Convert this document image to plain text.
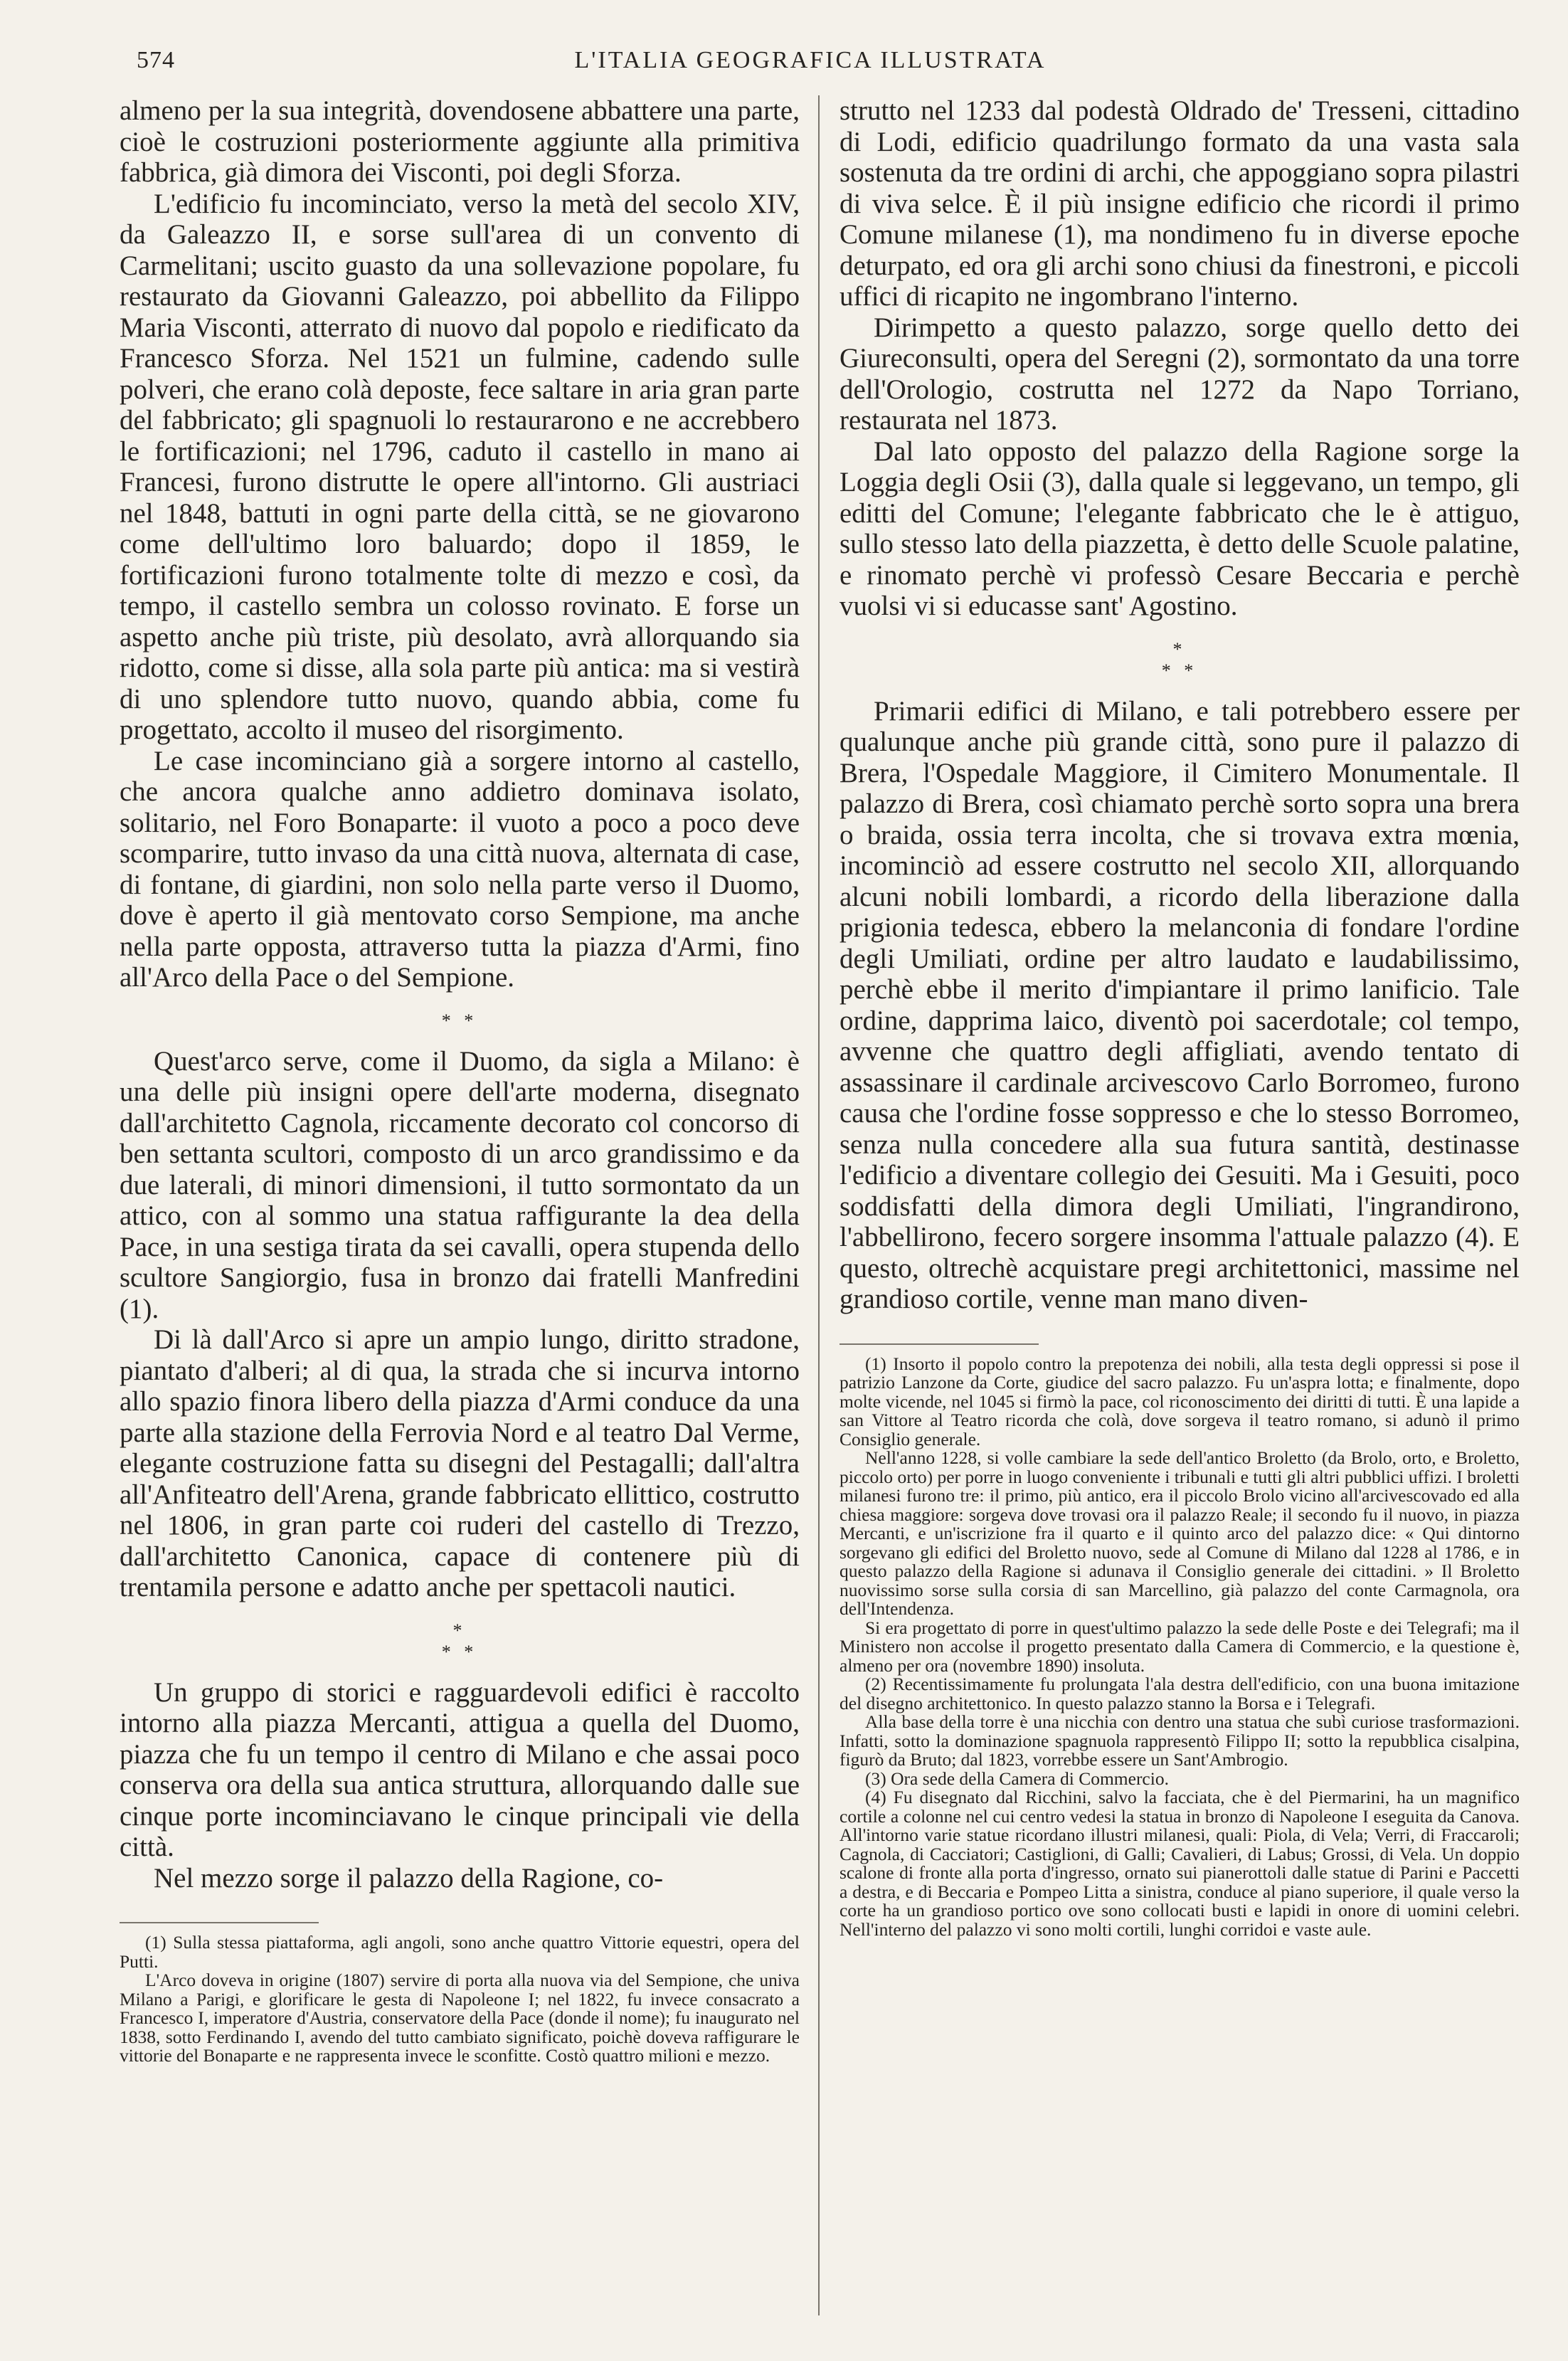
574	L'ITALIA GEOGRAFICA ILLUSTRATA

almeno per la sua integrità, dovendosene abbattere una parte, cioè le costruzioni posteriormente aggiunte alla primitiva fabbrica, già dimora dei Visconti, poi degli Sforza.

L'edificio fu incominciato, verso la metà del secolo XIV, da Galeazzo II, e sorse sull'area di un convento di Carmelitani; uscito guasto da una sollevazione popolare, fu restaurato da Giovanni Galeazzo, poi abbellito da Filippo Maria Visconti, atterrato di nuovo dal popolo e riedificato da Francesco Sforza. Nel 1521 un fulmine, cadendo sulle polveri, che erano colà deposte, fece saltare in aria gran parte del fabbricato; gli spagnuoli lo restaurarono e ne accrebbero le fortificazioni; nel 1796, caduto il castello in mano ai Francesi, furono distrutte le opere all'intorno. Gli austriaci nel 1848, battuti in ogni parte della città, se ne giovarono come dell'ultimo loro baluardo; dopo il 1859, le fortificazioni furono totalmente tolte di mezzo e così, da tempo, il castello sembra un colosso rovinato. E forse un aspetto anche più triste, più desolato, avrà allorquando sia ridotto, come si disse, alla sola parte più antica: ma si vestirà di uno splendore tutto nuovo, quando abbia, come fu progettato, accolto il museo del risorgimento.

Le case incominciano già a sorgere intorno al castello, che ancora qualche anno addietro dominava isolato, solitario, nel Foro Bonaparte: il vuoto a poco a poco deve scomparire, tutto invaso da una città nuova, alternata di case, di fontane, di giardini, non solo nella parte verso il Duomo, dove è aperto il già mentovato corso Sempione, ma anche nella parte opposta, attraverso tutta la piazza d'Armi, fino all'Arco della Pace o del Sempione.

* *

Quest'arco serve, come il Duomo, da sigla a Milano: è una delle più insigni opere dell'arte moderna, disegnato dall'architetto Cagnola, riccamente decorato col concorso di ben settanta scultori, composto di un arco grandissimo e da due laterali, di minori dimensioni, il tutto sormontato da un attico, con al sommo una statua raffigurante la dea della Pace, in una sestiga tirata da sei cavalli, opera stupenda dello scultore Sangiorgio, fusa in bronzo dai fratelli Manfredini (1).

Di là dall'Arco si apre un ampio lungo, diritto stradone, piantato d'alberi; al di qua, la strada che si incurva intorno allo spazio finora libero della piazza d'Armi conduce da una parte alla stazione della Ferrovia Nord e al teatro Dal Verme, elegante costruzione fatta su disegni del Pestagalli; dall'altra all'Anfiteatro dell'Arena, grande fabbricato ellittico, costrutto nel 1806, in gran parte coi ruderi del castello di Trezzo, dall'architetto Canonica, capace di contenere più di trentamila persone e adatto anche per spettacoli nautici.

*
* *

Un gruppo di storici e ragguardevoli edifici è raccolto intorno alla piazza Mercanti, attigua a quella del Duomo, piazza che fu un tempo il centro di Milano e che assai poco conserva ora della sua antica struttura, allorquando dalle sue cinque porte incominciavano le cinque principali vie della città.

Nel mezzo sorge il palazzo della Ragione, co-

(1) Sulla stessa piattaforma, agli angoli, sono anche quattro Vittorie equestri, opera del Putti.

L'Arco doveva in origine (1807) servire di porta alla nuova via del Sempione, che univa Milano a Parigi, e glorificare le gesta di Napoleone I; nel 1822, fu invece consacrato a Francesco I, imperatore d'Austria, conservatore della Pace (donde il nome); fu inaugurato nel 1838, sotto Ferdinando I, avendo del tutto cambiato significato, poichè doveva raffigurare le vittorie del Bonaparte e ne rappresenta invece le sconfitte. Costò quattro milioni e mezzo.

strutto nel 1233 dal podestà Oldrado de' Tresseni, cittadino di Lodi, edificio quadrilungo formato da una vasta sala sostenuta da tre ordini di archi, che appoggiano sopra pilastri di viva selce. È il più insigne edificio che ricordi il primo Comune milanese (1), ma nondimeno fu in diverse epoche deturpato, ed ora gli archi sono chiusi da finestroni, e piccoli uffici di ricapito ne ingombrano l'interno.

Dirimpetto a questo palazzo, sorge quello detto dei Giureconsulti, opera del Seregni (2), sormontato da una torre dell'Orologio, costrutta nel 1272 da Napo Torriano, restaurata nel 1873.

Dal lato opposto del palazzo della Ragione sorge la Loggia degli Osii (3), dalla quale si leggevano, un tempo, gli editti del Comune; l'elegante fabbricato che le è attiguo, sullo stesso lato della piazzetta, è detto delle Scuole palatine, e rinomato perchè vi professò Cesare Beccaria e perchè vuolsi vi si educasse sant' Agostino.

*
* *

Primarii edifici di Milano, e tali potrebbero essere per qualunque anche più grande città, sono pure il palazzo di Brera, l'Ospedale Maggiore, il Cimitero Monumentale. Il palazzo di Brera, così chiamato perchè sorto sopra una brera o braida, ossia terra incolta, che si trovava extra mœnia, incominciò ad essere costrutto nel secolo XII, allorquando alcuni nobili lombardi, a ricordo della liberazione dalla prigionia tedesca, ebbero la melanconia di fondare l'ordine degli Umiliati, ordine per altro laudato e laudabilissimo, perchè ebbe il merito d'impiantare il primo lanificio. Tale ordine, dapprima laico, diventò poi sacerdotale; col tempo, avvenne che quattro degli affigliati, avendo tentato di assassinare il cardinale arcivescovo Carlo Borromeo, furono causa che l'ordine fosse soppresso e che lo stesso Borromeo, senza nulla concedere alla sua futura santità, destinasse l'edificio a diventare collegio dei Gesuiti. Ma i Gesuiti, poco soddisfatti della dimora degli Umiliati, l'ingrandirono, l'abbellirono, fecero sorgere insomma l'attuale palazzo (4). E questo, oltrechè acquistare pregi architettonici, massime nel grandioso cortile, venne man mano diven-

(1) Insorto il popolo contro la prepotenza dei nobili, alla testa degli oppressi si pose il patrizio Lanzone da Corte, giudice del sacro palazzo. Fu un'aspra lotta; e finalmente, dopo molte vicende, nel 1045 si firmò la pace, col riconoscimento dei diritti di tutti. È una lapide a san Vittore al Teatro ricorda che colà, dove sorgeva il teatro romano, si adunò il primo Consiglio generale.

Nell'anno 1228, si volle cambiare la sede dell'antico Broletto (da Brolo, orto, e Broletto, piccolo orto) per porre in luogo conveniente i tribunali e tutti gli altri pubblici uffizi. I broletti milanesi furono tre: il primo, più antico, era il piccolo Brolo vicino all'arcivescovado ed alla chiesa maggiore: sorgeva dove trovasi ora il palazzo Reale; il secondo fu il nuovo, in piazza Mercanti, e un'iscrizione fra il quarto e il quinto arco del palazzo dice: « Qui dintorno sorgevano gli edifici del Broletto nuovo, sede al Comune di Milano dal 1228 al 1786, e in questo palazzo della Ragione si adunava il Consiglio generale dei cittadini. » Il Broletto nuovissimo sorse sulla corsia di san Marcellino, già palazzo del conte Carmagnola, ora dell'Intendenza.

Si era progettato di porre in quest'ultimo palazzo la sede delle Poste e dei Telegrafi; ma il Ministero non accolse il progetto presentato dalla Camera di Commercio, e la questione è, almeno per ora (novembre 1890) insoluta.

(2) Recentissimamente fu prolungata l'ala destra dell'edificio, con una buona imitazione del disegno architettonico. In questo palazzo stanno la Borsa e i Telegrafi.

Alla base della torre è una nicchia con dentro una statua che subì curiose trasformazioni. Infatti, sotto la dominazione spagnuola rappresentò Filippo II; sotto la repubblica cisalpina, figurò da Bruto; dal 1823, vorrebbe essere un Sant'Ambrogio.

(3) Ora sede della Camera di Commercio.

(4) Fu disegnato dal Ricchini, salvo la facciata, che è del Piermarini, ha un magnifico cortile a colonne nel cui centro vedesi la statua in bronzo di Napoleone I eseguita da Canova. All'intorno varie statue ricordano illustri milanesi, quali: Piola, di Vela; Verri, di Fraccaroli; Cagnola, di Cacciatori; Castiglioni, di Galli; Cavalieri, di Labus; Grossi, di Vela. Un doppio scalone di fronte alla porta d'ingresso, ornato sui pianerottoli dalle statue di Parini e Paccetti a destra, e di Beccaria e Pompeo Litta a sinistra, conduce al piano superiore, il quale verso la corte ha un grandioso portico ove sono collocati busti e lapidi in onore di uomini celebri. Nell'interno del palazzo vi sono molti cortili, lunghi corridoi e vaste aule.
